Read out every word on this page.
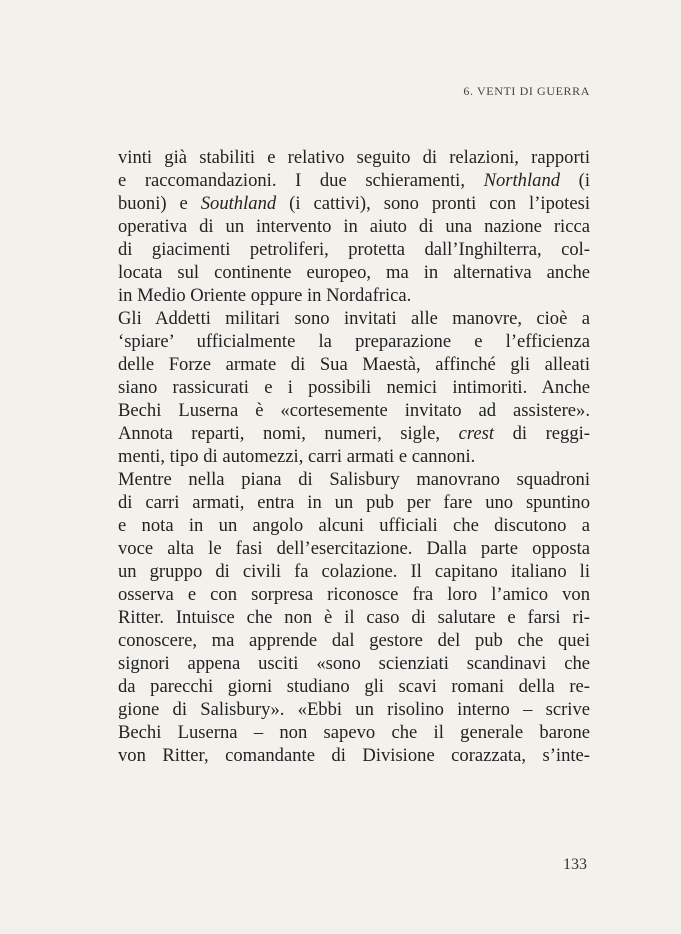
6. VENTI DI GUERRA
vinti già stabiliti e relativo seguito di relazioni, rapporti
e raccomandazioni. I due schieramenti, Northland (i
buoni) e Southland (i cattivi), sono pronti con l’ipotesi
operativa di un intervento in aiuto di una nazione ricca
di giacimenti petroliferi, protetta dall’Inghilterra, col-
locata sul continente europeo, ma in alternativa anche
in Medio Oriente oppure in Nordafrica.
Gli Addetti militari sono invitati alle manovre, cioè a
‘spiare’ ufficialmente la preparazione e l’efficienza
delle Forze armate di Sua Maestà, affinché gli alleati
siano rassicurati e i possibili nemici intimoriti. Anche
Bechi Luserna è «cortesemente invitato ad assistere».
Annota reparti, nomi, numeri, sigle, crest di reggi-
menti, tipo di automezzi, carri armati e cannoni.
Mentre nella piana di Salisbury manovrano squadroni
di carri armati, entra in un pub per fare uno spuntino
e nota in un angolo alcuni ufficiali che discutono a
voce alta le fasi dell’esercitazione. Dalla parte opposta
un gruppo di civili fa colazione. Il capitano italiano li
osserva e con sorpresa riconosce fra loro l’amico von
Ritter. Intuisce che non è il caso di salutare e farsi ri-
conoscere, ma apprende dal gestore del pub che quei
signori appena usciti «sono scienziati scandinavi che
da parecchi giorni studiano gli scavi romani della re-
gione di Salisbury». «Ebbi un risolino interno – scrive
Bechi Luserna – non sapevo che il generale barone
von Ritter, comandante di Divisione corazzata, s’inte-
133
